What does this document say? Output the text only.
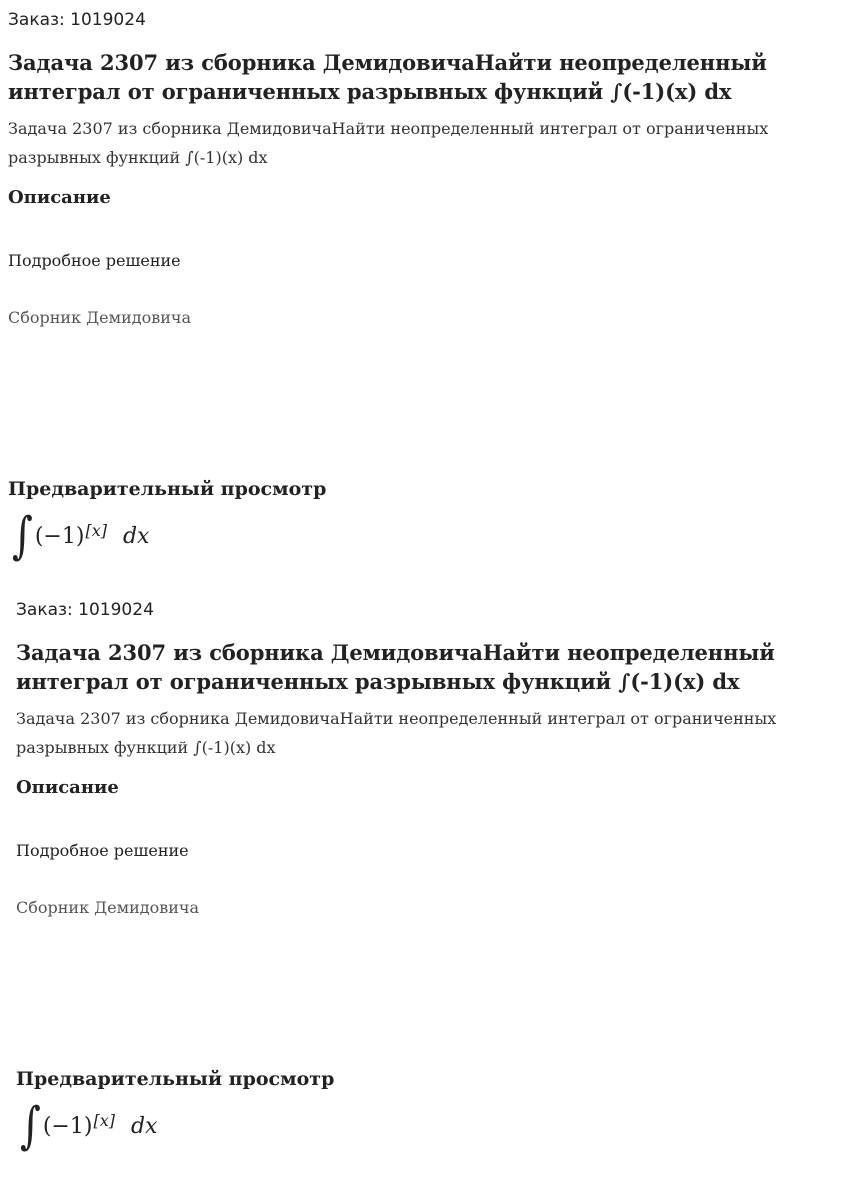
Заказ: 1019024

Задача 2307 из сборника ДемидовичаНайти неопределенный интеграл от ограниченных разрывных функций ∫(-1)(x) dx

Задача 2307 из сборника ДемидовичаНайти неопределенный интеграл от ограниченных разрывных функций ∫(-1)(x) dx

Описание

Подробное решение

Сборник Демидовича

Предварительный просмотр
∫ (−1)[x] dx

Заказ: 1019024

Задача 2307 из сборника ДемидовичаНайти неопределенный интеграл от ограниченных разрывных функций ∫(-1)(x) dx

Задача 2307 из сборника ДемидовичаНайти неопределенный интеграл от ограниченных разрывных функций ∫(-1)(x) dx

Описание

Подробное решение

Сборник Демидовича

Предварительный просмотр
∫ (−1)[x] dx
